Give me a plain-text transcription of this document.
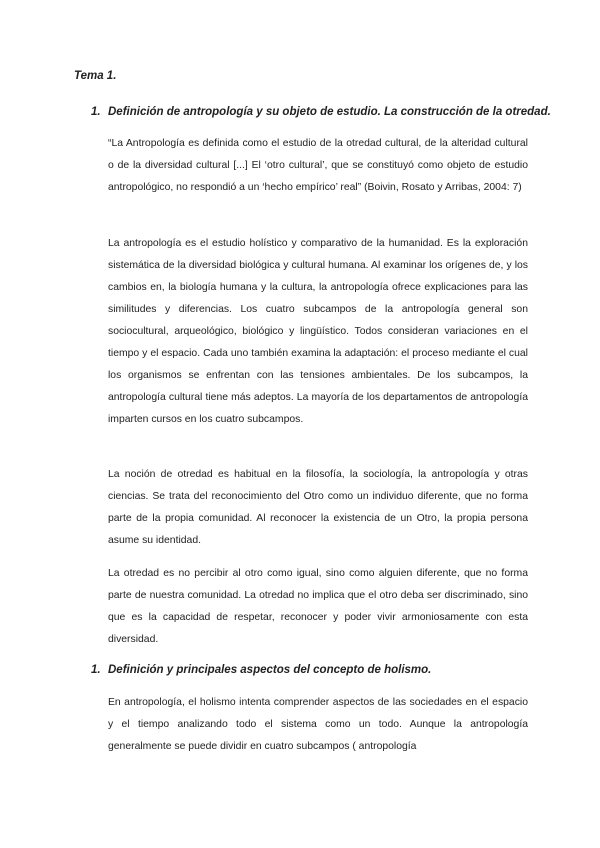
Tema 1.

1. Definición de antropología y su objeto de estudio. La construcción de la otredad.

“La Antropología es definida como el estudio de la otredad cultural, de la alteridad cultural o de la diversidad cultural [...] El ‘otro cultural’, que se constituyó como objeto de estudio antropológico, no respondió a un ‘hecho empírico’ real” (Boivin, Rosato y Arribas, 2004: 7)

La antropología es el estudio holístico y comparativo de la humanidad. Es la exploración sistemática de la diversidad biológica y cultural humana. Al examinar los orígenes de, y los cambios en, la biología humana y la cultura, la antropología ofrece explicaciones para las similitudes y diferencias. Los cuatro subcampos de la antropología general son sociocultural, arqueológico, biológico y lingüístico. Todos consideran variaciones en el tiempo y el espacio. Cada uno también examina la adaptación: el proceso mediante el cual los organismos se enfrentan con las tensiones ambientales. De los subcampos, la antropología cultural tiene más adeptos. La mayoría de los departamentos de antropología imparten cursos en los cuatro subcampos.

La noción de otredad es habitual en la filosofía, la sociología, la antropología y otras ciencias. Se trata del reconocimiento del Otro como un individuo diferente, que no forma parte de la propia comunidad. Al reconocer la existencia de un Otro, la propia persona asume su identidad.

La otredad es no percibir al otro como igual, sino como alguien diferente, que no forma parte de nuestra comunidad. La otredad no implica que el otro deba ser discriminado, sino que es la capacidad de respetar, reconocer y poder vivir armoniosamente con esta diversidad.

1. Definición y principales aspectos del concepto de holismo.

En antropología, el holismo intenta comprender aspectos de las sociedades en el espacio y el tiempo analizando todo el sistema como un todo. Aunque la antropología generalmente se puede dividir en cuatro subcampos ( antropología
